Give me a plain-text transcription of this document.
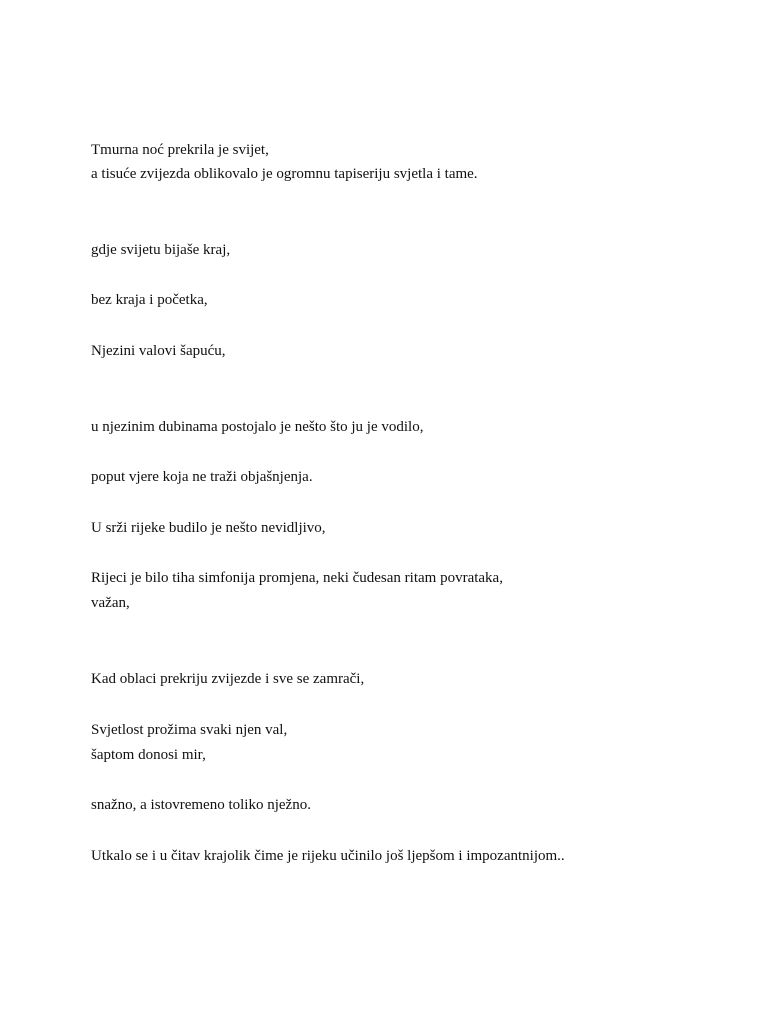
Tmurna noć prekrila je svijet,
a tisuće zvijezda oblikovalo je ogromnu tapiseriju svjetla i tame.
gdje svijetu bijaše kraj,
bez kraja i početka,
Njezini valovi šapuću,
u njezinim dubinama postojalo je nešto što ju je vodilo,
poput vjere koja ne traži objašnjenja.
U srži rijeke budilo je nešto nevidljivo,
Rijeci je bilo tiha simfonija promjena, neki čudesan ritam povrataka,
važan,
Kad oblaci prekriju zvijezde i sve se zamrači,
Svjetlost prožima svaki njen val,
šaptom donosi mir,
snažno, a istovremeno toliko nježno.
Utkalo se i u čitav krajolik čime je rijeku učinilo još ljepšom i impozantnijom..
